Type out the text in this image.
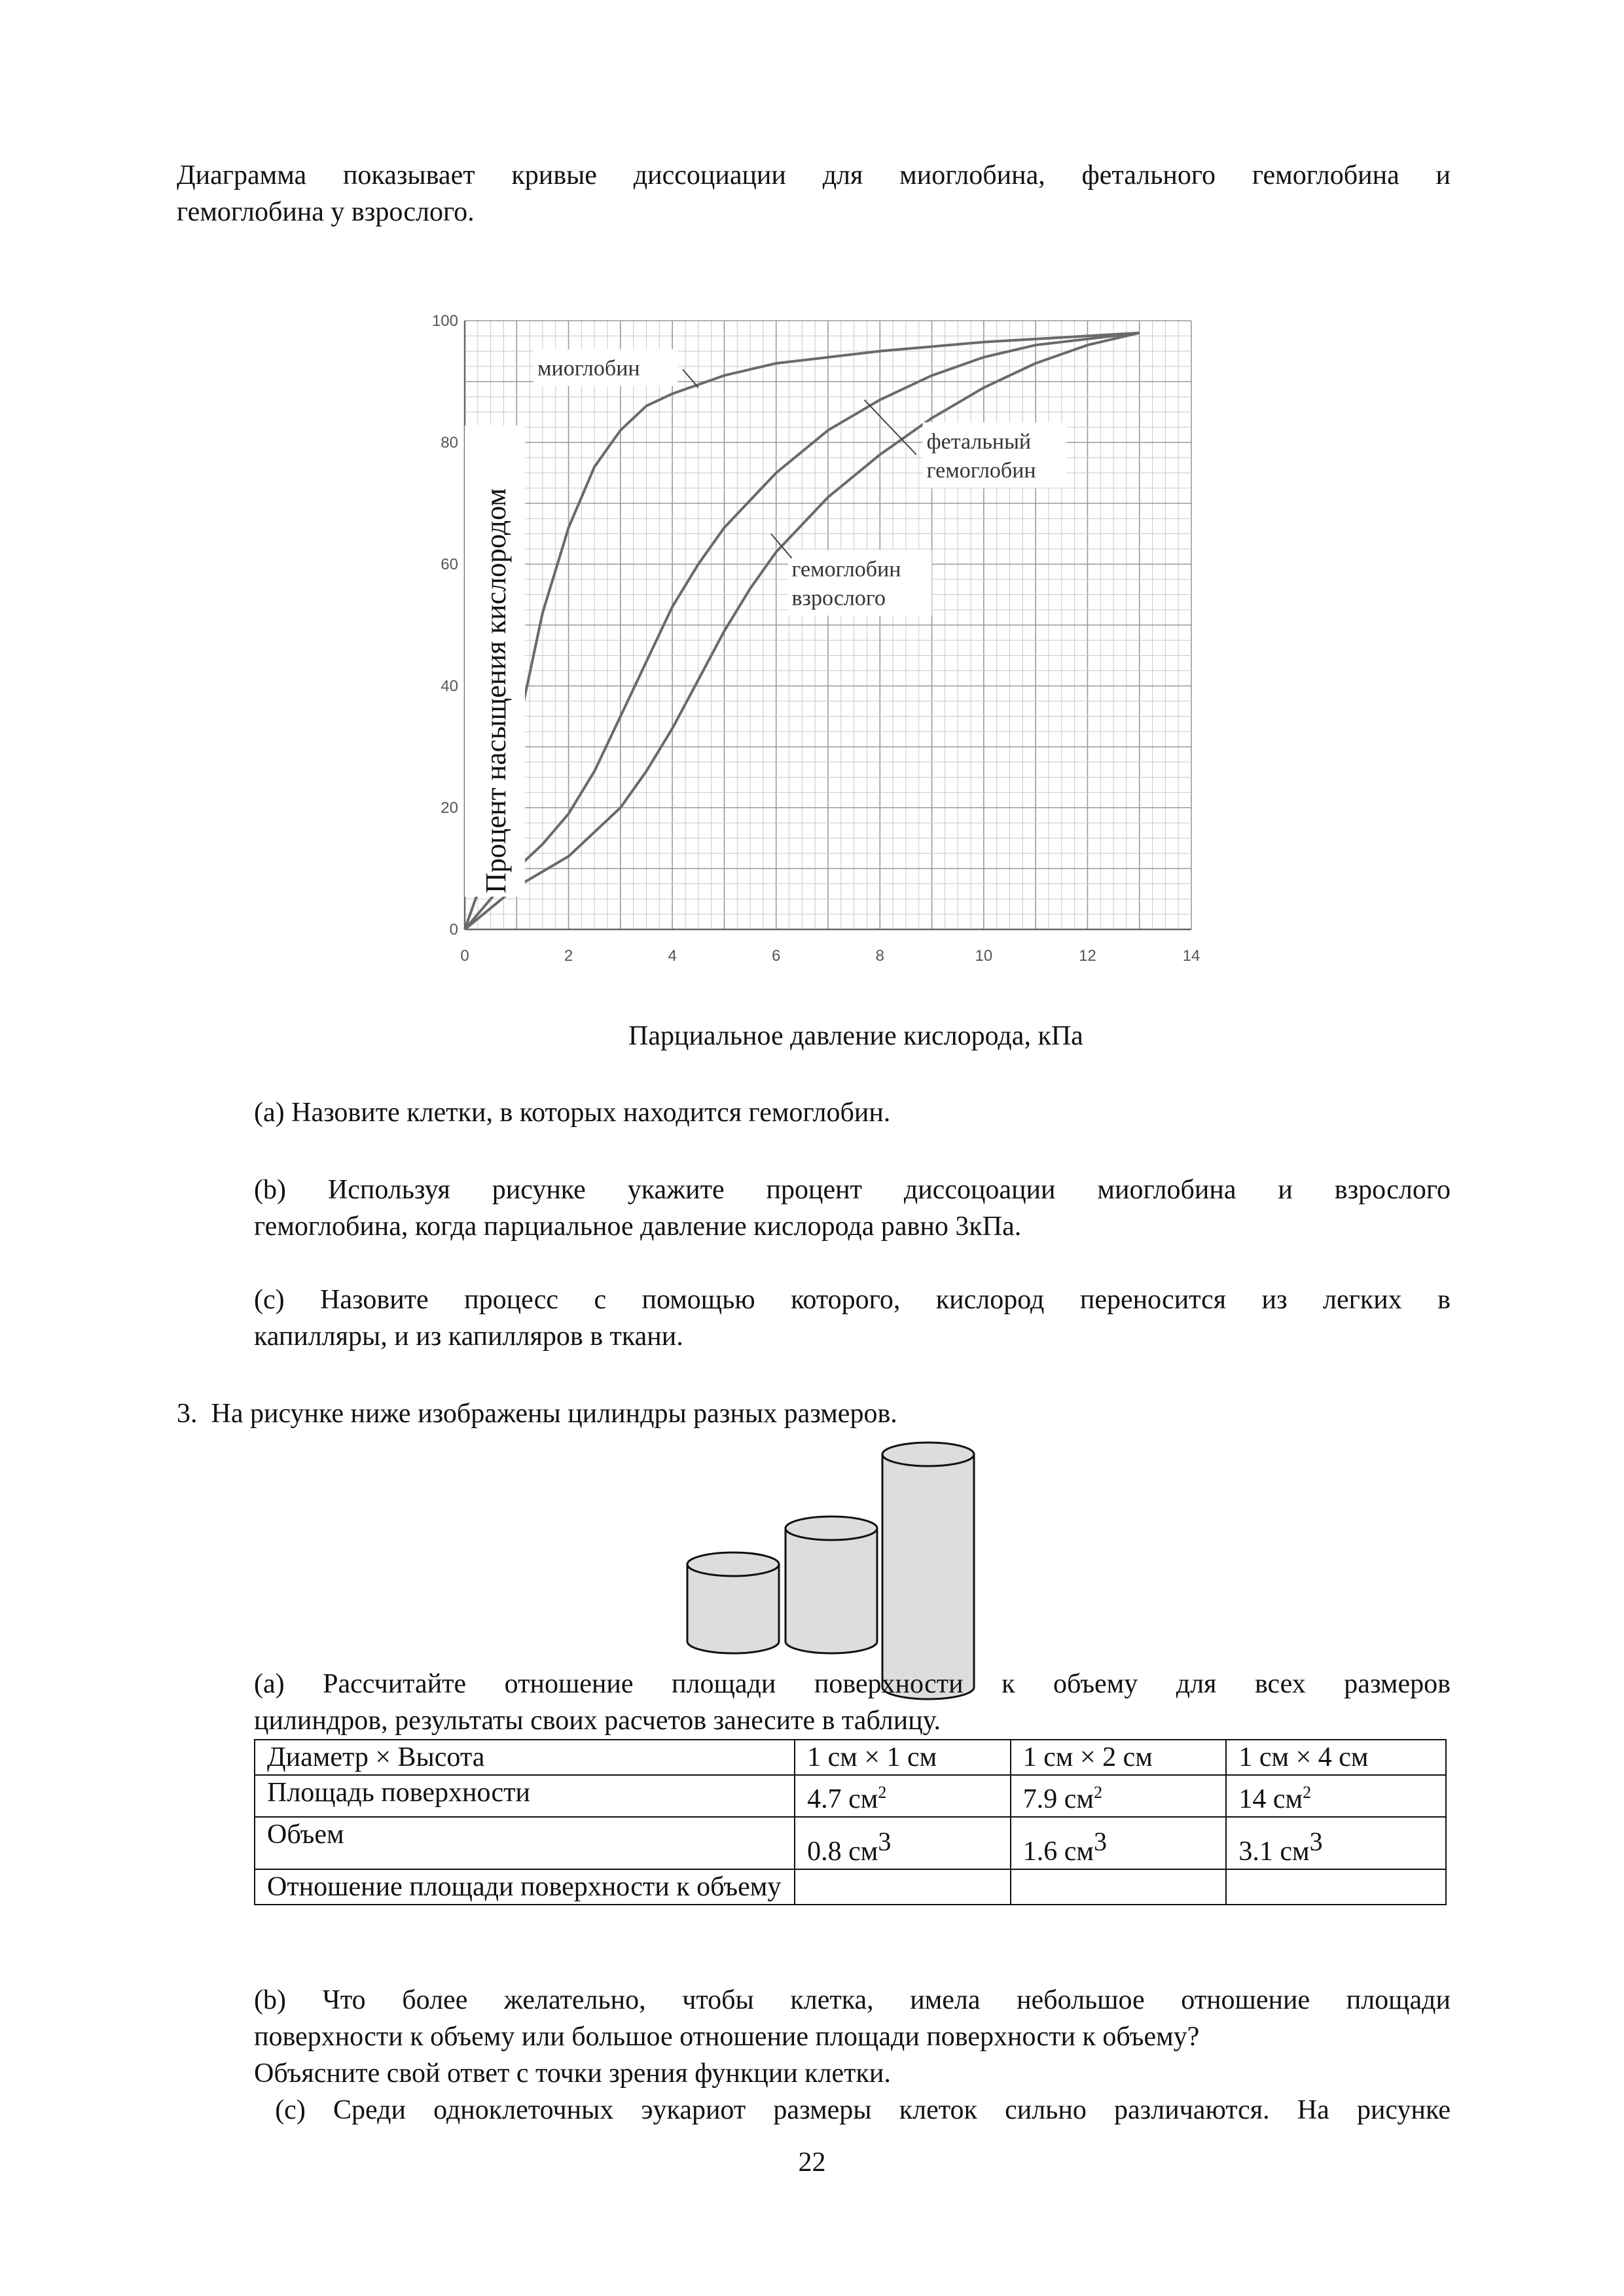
Диаграмма показывает кривые диссоциации для миоглобина, фетального гемоглобина и
гемоглобина у взрослого.
0	2	4	6	8	10	12	14
0
20
40
60
80
100
миоглобин
фетальный
гемоглобин
гемоглобин
взрослого
Процент насыщения кислородом
Парциальное давление кислорода, кПа
(а) Назовите клетки, в которых находится гемоглобин.
(b) Используя рисунке укажите процент диссоцоации миоглобина и взрослого
гемоглобина, когда парциальное давление кислорода равно 3кПа.
(с) Назовите процесс с помощью которого, кислород переносится из легких в
капилляры, и из капилляров в ткани.
3.  На рисунке ниже изображены цилиндры разных размеров.
(а) Рассчитайте отношение площади поверхности к объему для всех размеров
цилиндров, результаты своих расчетов занесите в таблицу.
Диаметр × Высота	1 см × 1 см	1 см × 2 см	1 см × 4 см
Площадь поверхности	4.7 $см^2$	7.9 $см^2$	14 $см^2$
Объем	0.8 $см^3$	1.6 $см^3$	3.1 $см^3$
Отношение площади поверхности к объему			
(b) Что более желательно, чтобы клетка, имела небольшое отношение площади
поверхности к объему или большое отношение площади поверхности к объему?
Объясните свой ответ с точки зрения функции клетки.
(с) Среди одноклеточных эукариот размеры клеток сильно различаются. На рисунке
22
